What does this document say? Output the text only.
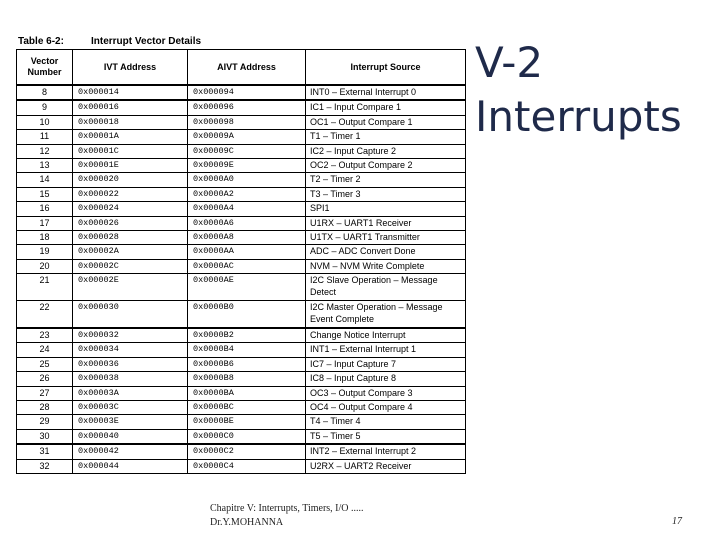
Table 6-2:	Interrupt Vector Details
Vector Number	IVT Address	AIVT Address	Interrupt Source
8	0x000014	0x000094	INT0 – External Interrupt 0
9	0x000016	0x000096	IC1 – Input Compare 1
10	0x000018	0x000098	OC1 – Output Compare 1
11	0x00001A	0x00009A	T1 – Timer 1
12	0x00001C	0x00009C	IC2 – Input Capture 2
13	0x00001E	0x00009E	OC2 – Output Compare 2
14	0x000020	0x0000A0	T2 – Timer 2
15	0x000022	0x0000A2	T3 – Timer 3
16	0x000024	0x0000A4	SPI1
17	0x000026	0x0000A6	U1RX – UART1 Receiver
18	0x000028	0x0000A8	U1TX – UART1 Transmitter
19	0x00002A	0x0000AA	ADC – ADC Convert Done
20	0x00002C	0x0000AC	NVM – NVM Write Complete
21	0x00002E	0x0000AE	I2C Slave Operation – Message Detect
22	0x000030	0x0000B0	I2C Master Operation – Message Event Complete
23	0x000032	0x0000B2	Change Notice Interrupt
24	0x000034	0x0000B4	INT1 – External Interrupt 1
25	0x000036	0x0000B6	IC7 – Input Capture 7
26	0x000038	0x0000B8	IC8 – Input Capture 8
27	0x00003A	0x0000BA	OC3 – Output Compare 3
28	0x00003C	0x0000BC	OC4 – Output Compare 4
29	0x00003E	0x0000BE	T4 – Timer 4
30	0x000040	0x0000C0	T5 – Timer 5
31	0x000042	0x0000C2	INT2 – External Interrupt 2
32	0x000044	0x0000C4	U2RX – UART2 Receiver
V-2
Interrupts
Chapitre V: Interrupts, Timers, I/O .....
Dr.Y.MOHANNA	17
